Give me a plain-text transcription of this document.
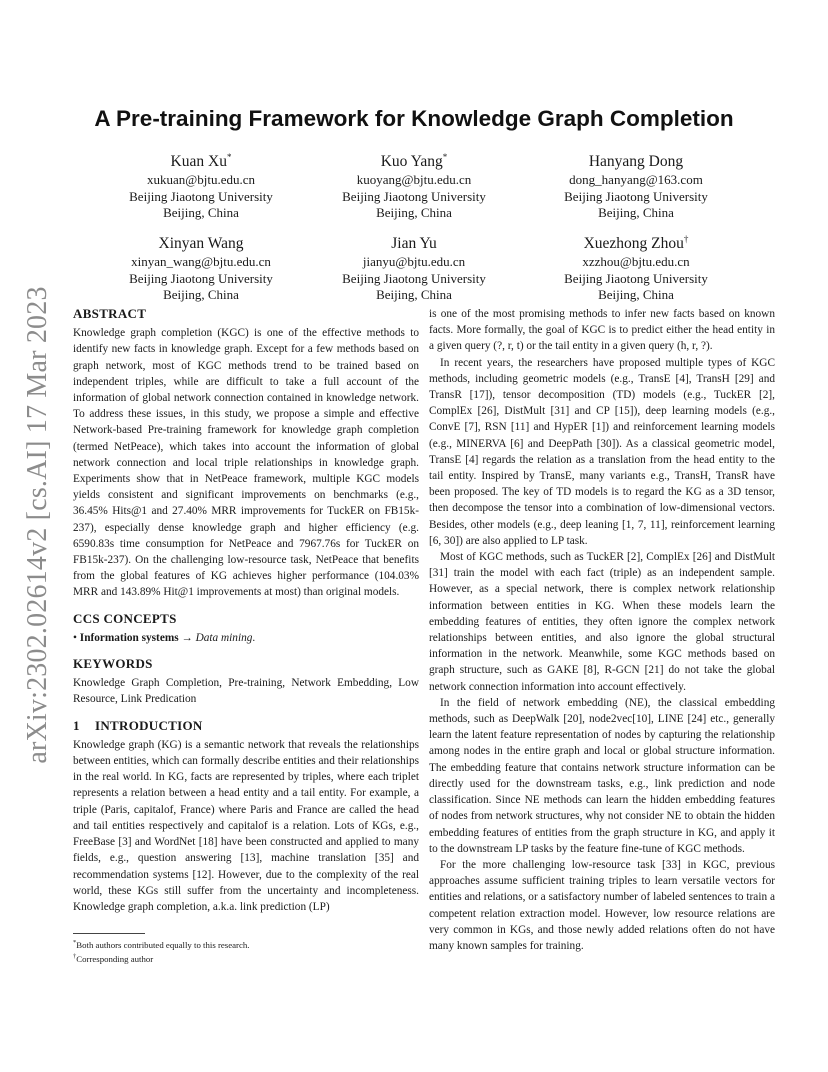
arXiv:2302.02614v2 [cs.AI] 17 Mar 2023
A Pre-training Framework for Knowledge Graph Completion
Kuan Xu*
xukuan@bjtu.edu.cn
Beijing Jiaotong University
Beijing, China
Kuo Yang*
kuoyang@bjtu.edu.cn
Beijing Jiaotong University
Beijing, China
Hanyang Dong
dong_hanyang@163.com
Beijing Jiaotong University
Beijing, China
Xinyan Wang
xinyan_wang@bjtu.edu.cn
Beijing Jiaotong University
Beijing, China
Jian Yu
jianyu@bjtu.edu.cn
Beijing Jiaotong University
Beijing, China
Xuezhong Zhou†
xzzhou@bjtu.edu.cn
Beijing Jiaotong University
Beijing, China
ABSTRACT

Knowledge graph completion (KGC) is one of the effective methods to identify new facts in knowledge graph. Except for a few methods based on graph network, most of KGC methods trend to be trained based on independent triples, while are difficult to take a full account of the information of global network connection contained in knowledge network. To address these issues, in this study, we propose a simple and effective Network-based Pre-training framework for knowledge graph completion (termed NetPeace), which takes into account the information of global network connection and local triple relationships in knowledge graph. Experiments show that in NetPeace framework, multiple KGC models yields consistent and significant improvements on benchmarks (e.g., 36.45% Hits@1 and 27.40% MRR improvements for TuckER on FB15k-237), especially dense knowledge graph and higher efficiency (e.g. 6590.83s time consumption for NetPeace and 7967.76s for TuckER on FB15k-237). On the challenging low-resource task, NetPeace that benefits from the global features of KG achieves higher performance (104.03% MRR and 143.89% Hit@1 improvements at most) than original models.

CCS CONCEPTS

• Information systems → Data mining.

KEYWORDS

Knowledge Graph Completion, Pre-training, Network Embedding, Low Resource, Link Predication

1 INTRODUCTION

Knowledge graph (KG) is a semantic network that reveals the relationships between entities, which can formally describe entities and their relationships in the real world. In KG, facts are represented by triples, where each triplet represents a relation between a head entity and a tail entity. For example, a triple (Paris, capitalof, France) where Paris and France are called the head and tail entities respectively and capitalof is a relation. Lots of KGs, e.g., FreeBase [3] and WordNet [18] have been constructed and applied to many fields, e.g., question answering [13], machine translation [35] and recommendation systems [12]. However, due to the complexity of the real world, these KGs still suffer from the uncertainty and incompleteness. Knowledge graph completion, a.k.a. link prediction (LP)

is one of the most promising methods to infer new facts based on known facts. More formally, the goal of KGC is to predict either the head entity in a given query (?, r, t) or the tail entity in a given query (h, r, ?).

In recent years, the researchers have proposed multiple types of KGC methods, including geometric models (e.g., TransE [4], TransH [29] and TransR [17]), tensor decomposition (TD) models (e.g., TuckER [2], ComplEx [26], DistMult [31] and CP [15]), deep learning models (e.g., ConvE [7], RSN [11] and HypER [1]) and reinforcement learning models (e.g., MINERVA [6] and DeepPath [30]). As a classical geometric model, TransE [4] regards the relation as a translation from the head entity to the tail entity. Inspired by TransE, many variants e.g., TransH, TransR have been proposed. The key of TD models is to regard the KG as a 3D tensor, then decompose the tensor into a combination of low-dimensional vectors. Besides, other models (e.g., deep leaning [1, 7, 11], reinforcement learning [6, 30]) are also applied to LP task.

Most of KGC methods, such as TuckER [2], ComplEx [26] and DistMult [31] train the model with each fact (triple) as an independent sample. However, as a special network, there is complex network relationship information between entities in KG. When these models learn the embedding features of entities, they often ignore the complex network relationships between entities, and also ignore the global structural information in the network. Meanwhile, some KGC methods based on graph structure, such as GAKE [8], R-GCN [21] do not take the global network connection information into account effectively.

In the field of network embedding (NE), the classical embedding methods, such as DeepWalk [20], node2vec[10], LINE [24] etc., generally learn the latent feature representation of nodes by capturing the relationship among nodes in the entire graph and local or global structure information. The embedding feature that contains network structure information can be directly used for the downstream tasks, e.g., link prediction and node classification. Since NE methods can learn the hidden embedding features of nodes from network structures, why not consider NE to obtain the hidden embedding features of entities from the graph structure in KG, and apply it to the downstream LP tasks by the feature fine-tune of KGC methods.

For the more challenging low-resource task [33] in KGC, previous approaches assume sufficient training triples to learn versatile vectors for entities and relations, or a satisfactory number of labeled sentences to train a competent relation extraction model. However, low resource relations are very common in KGs, and those newly added relations often do not have many known samples for training.

*Both authors contributed equally to this research.
†Corresponding author
